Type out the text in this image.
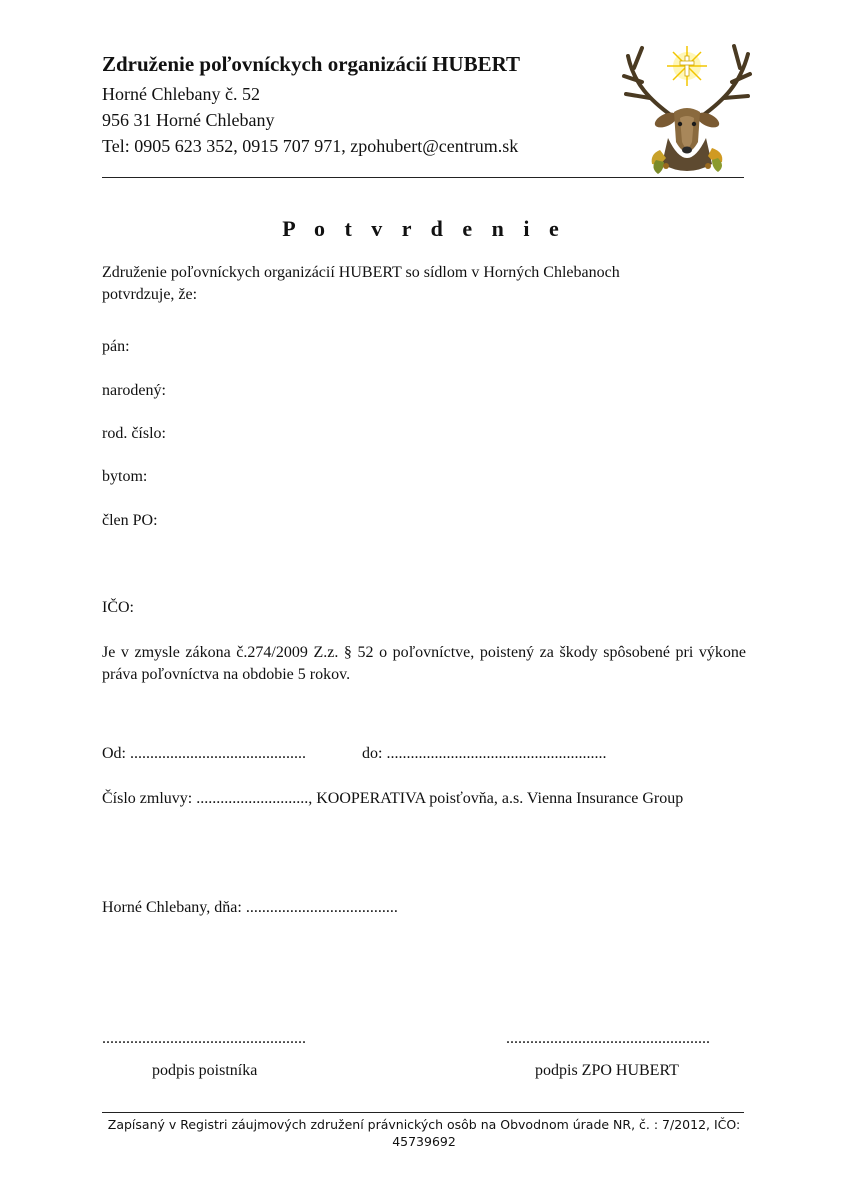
Združenie poľovníckych organizácií HUBERT
Horné Chlebany č. 52
956 31 Horné Chlebany
Tel: 0905 623 352, 0915 707 971, zpohubert@centrum.sk
P o t v r d e n i e
Združenie poľovníckych organizácií HUBERT so sídlom v Horných Chlebanoch
potvrdzuje, že:
pán:
narodený:
rod. číslo:
bytom:
člen PO:
IČO:
Je v zmysle zákona č.274/2009 Z.z. § 52 o poľovníctve, poistený za škody spôsobené pri výkone práva poľovníctva na obdobie 5 rokov.
Od: ............................................	do: .......................................................
Číslo zmluvy: ............................, KOOPERATIVA poisťovňa, a.s. Vienna Insurance Group
Horné Chlebany, dňa: ......................................
...................................................	...................................................
podpis poistníka	podpis ZPO HUBERT
Zapísaný v Registri záujmových združení právnických osôb na Obvodnom úrade NR, č. : 7/2012, IČO: 45739692
